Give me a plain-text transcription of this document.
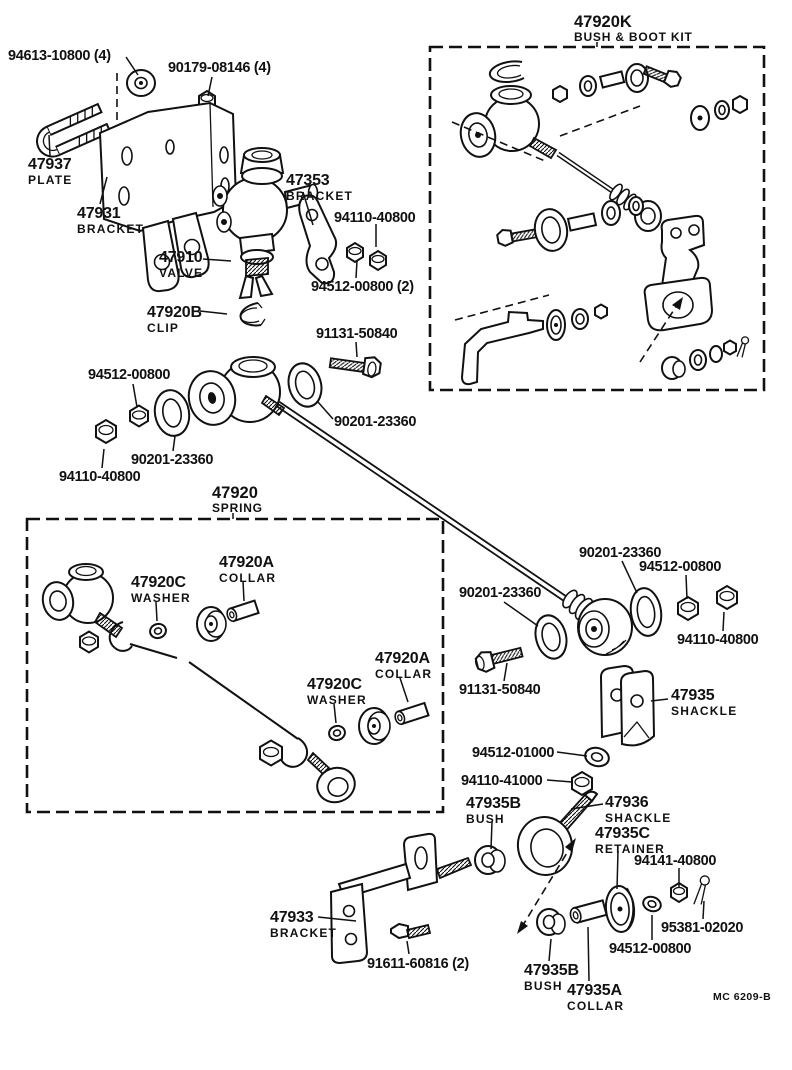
94613-10800 (4)
90179-08146 (4)
47937
PLATE
47931
BRACKET
47353
BRACKET
94110-40800
47910
VALVE
94512-00800 (2)
47920B
CLIP	91131-50840
94512-00800
90201-23360
94110-40800
90201-23360
47920A
COLLAR
47920C
WASHER
90201-23360
94512-00800
90201-23360
94110-40800
91131-50840	47935
SHACKLE
47920A
COLLAR
47920C
WASHER
94512-01000
94110-41000
47935B
BUSH
47936
SHACKLE
47935C
RETAINER
94141-40800
95381-02020
94512-00800
47933
BRACKET
91611-60816 (2)	47935B
BUSH 47935A
COLLAR
47920K
BUSH & BOOT KIT
47920
SPRING
MC 6209-B
